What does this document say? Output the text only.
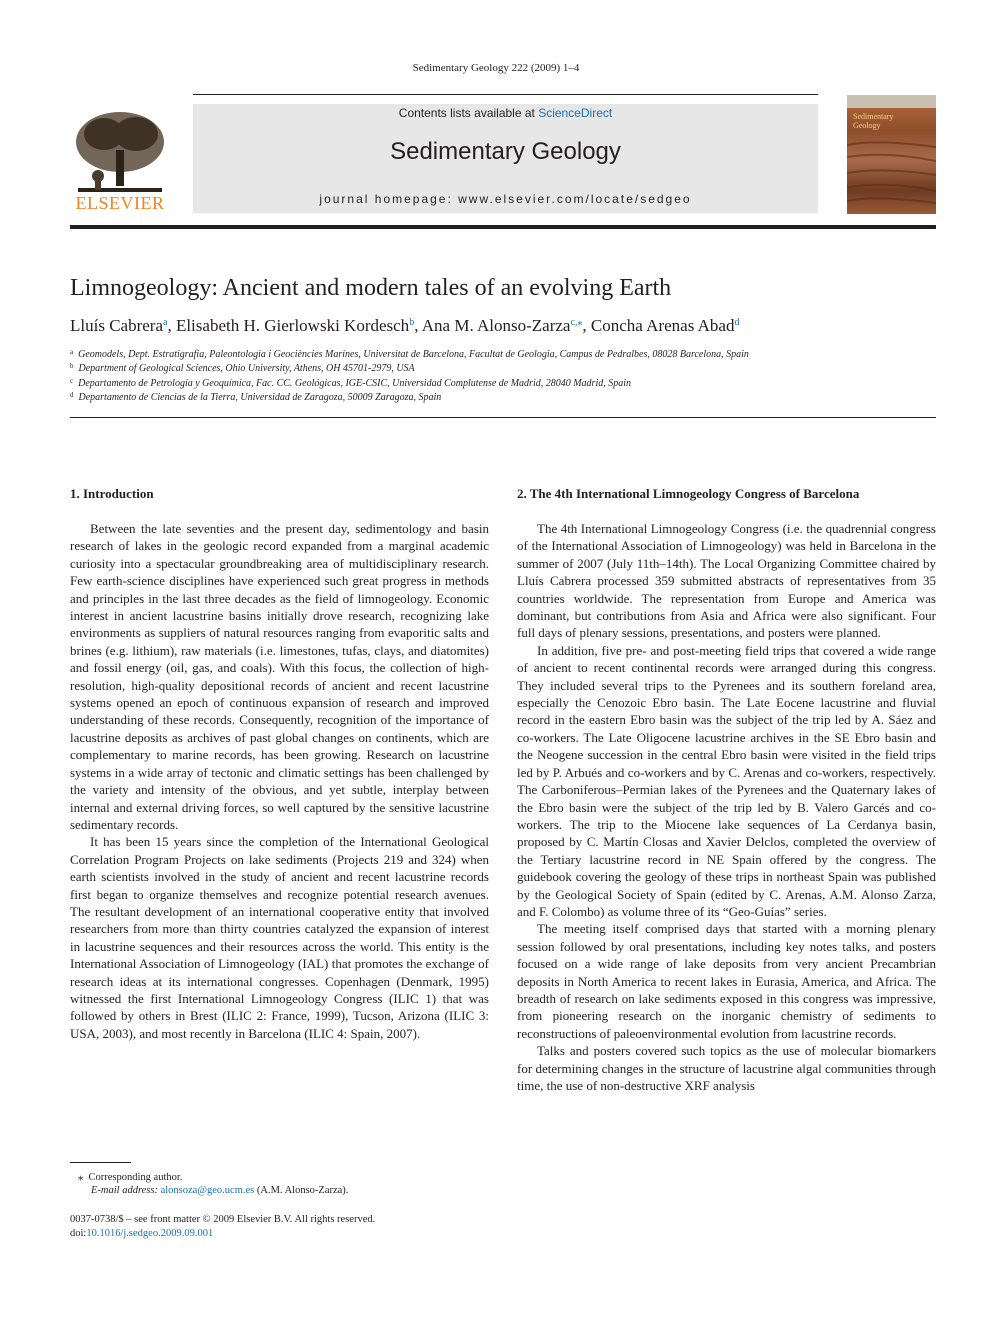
Sedimentary Geology 222 (2009) 1–4
ELSEVIER
Contents lists available at ScienceDirect
Sedimentary Geology
journal homepage: www.elsevier.com/locate/sedgeo
Sedimentary
Geology
Limnogeology: Ancient and modern tales of an evolving Earth
Lluís Cabrera$^a$, Elisabeth H. Gierlowski Kordesch$^b$, Ana M. Alonso-Zarza$^{c,⁎}$, Concha Arenas Abad$^d$
$^a$ Geomodels, Dept. Estratigrafia, Paleontologia i Geociències Marines, Universitat de Barcelona, Facultat de Geologia, Campus de Pedralbes, 08028 Barcelona, Spain
$^b$ Department of Geological Sciences, Ohio University, Athens, OH 45701-2979, USA
$^c$ Departamento de Petrología y Geoquímica, Fac. CC. Geológicas, IGE-CSIC, Universidad Complutense de Madrid, 28040 Madrid, Spain
$^d$ Departamento de Ciencias de la Tierra, Universidad de Zaragoza, 50009 Zaragoza, Spain
1. Introduction	2. The 4th International Limnogeology Congress of Barcelona

Between the late seventies and the present day, sedimentology and basin research of lakes in the geologic record expanded from a marginal academic curiosity into a spectacular groundbreaking area of multidisciplinary research. Few earth-science disciplines have experienced such great progress in methods and principles in the last three decades as the field of limnogeology. Economic interest in ancient lacustrine basins initially drove research, recognizing lake environments as suppliers of natural resources ranging from evaporitic salts and brines (e.g. lithium), raw materials (i.e. limestones, tufas, clays, and diatomites) and fossil energy (oil, gas, and coals). With this focus, the collection of high-resolution, high-quality depositional records of ancient and recent lacustrine systems opened an epoch of continuous expansion of research and improved understanding of these records. Consequently, recognition of the importance of lacustrine deposits as archives of past global changes on continents, which are complementary to marine records, has been growing. Research on lacustrine systems in a wide array of tectonic and climatic settings has been challenged by the variety and intensity of the obvious, and yet subtle, interplay between internal and external driving forces, so well captured by the sensitive lacustrine sedimentary records.

It has been 15 years since the completion of the International Geological Correlation Program Projects on lake sediments (Projects 219 and 324) when earth scientists involved in the study of ancient and recent lacustrine records first began to organize themselves and recognize potential research avenues. The resultant development of an international cooperative entity that involved researchers from more than thirty countries catalyzed the expansion of interest in lacustrine sequences and their resources across the world. This entity is the International Association of Limnogeology (IAL) that promotes the exchange of research ideas at its international congresses. Copenhagen (Denmark, 1995) witnessed the first International Limnogeology Congress (ILIC 1) that was followed by others in Brest (ILIC 2: France, 1999), Tucson, Arizona (ILIC 3: USA, 2003), and most recently in Barcelona (ILIC 4: Spain, 2007).

The 4th International Limnogeology Congress (i.e. the quadrennial congress of the International Association of Limnogeology) was held in Barcelona in the summer of 2007 (July 11th–14th). The Local Organizing Committee chaired by Lluís Cabrera processed 359 submitted abstracts of representatives from 35 countries worldwide. The representation from Europe and America was dominant, but contributions from Asia and Africa were also significant. Four full days of plenary sessions, presentations, and posters were planned.

In addition, five pre- and post-meeting field trips that covered a wide range of ancient to recent continental records were arranged during this congress. They included several trips to the Pyrenees and its southern foreland area, especially the Cenozoic Ebro basin. The Late Eocene lacustrine and fluvial record in the eastern Ebro basin was the subject of the trip led by A. Sáez and co-workers. The Late Oligocene lacustrine archives in the SE Ebro basin and the Neogene succession in the central Ebro basin were visited in the field trips led by P. Arbués and co-workers and by C. Arenas and co-workers, respectively. The Carboniferous–Permian lakes of the Pyrenees and the Quaternary lakes of the Ebro basin were the subject of the trip led by B. Valero Garcés and co-workers. The trip to the Miocene lake sequences of La Cerdanya basin, proposed by C. Martín Closas and Xavier Delclos, completed the overview of the Tertiary lacustrine record in NE Spain offered by the congress. The guidebook covering the geology of these trips in northeast Spain was published by the Geological Society of Spain (edited by C. Arenas, A.M. Alonso Zarza, and F. Colombo) as volume three of its “Geo-Guías” series.

The meeting itself comprised days that started with a morning plenary session followed by oral presentations, including key notes talks, and posters focused on a wide range of lake deposits from very ancient Precambrian deposits in North America to recent lakes in Eurasia, America, and Africa. The breadth of research on lake sediments exposed in this congress was impressive, from pioneering research on the inorganic chemistry of sediments to reconstructions of paleoenvironmental evolution from lacustrine records.

Talks and posters covered such topics as the use of molecular biomarkers for determining changes in the structure of lacustrine algal communities through time, the use of non-destructive XRF analysis

⁎ Corresponding author.
E-mail address: alonsoza@geo.ucm.es (A.M. Alonso-Zarza).
0037-0738/$ – see front matter © 2009 Elsevier B.V. All rights reserved.
doi:10.1016/j.sedgeo.2009.09.001
